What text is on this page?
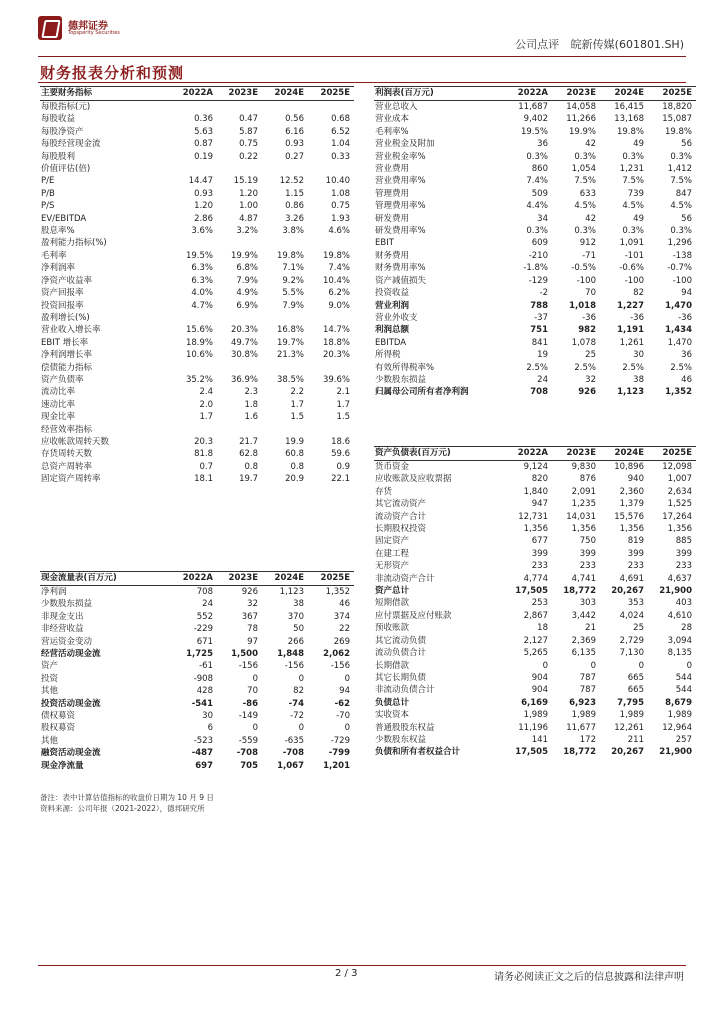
德邦证券
Topsperity Securities
公司点评 皖新传媒(601801.SH)
财务报表分析和预测
主要财务指标	2022A	2023E	2024E	2025E
每股指标(元)				
每股收益	0.36	0.47	0.56	0.68
每股净资产	5.63	5.87	6.16	6.52
每股经营现金流	0.87	0.75	0.93	1.04
每股股利	0.19	0.22	0.27	0.33
价值评估(倍)				
P/E	14.47	15.19	12.52	10.40
P/B	0.93	1.20	1.15	1.08
P/S	1.20	1.00	0.86	0.75
EV/EBITDA	2.86	4.87	3.26	1.93
股息率%	3.6%	3.2%	3.8%	4.6%
盈利能力指标(%)				
毛利率	19.5%	19.9%	19.8%	19.8%
净利润率	6.3%	6.8%	7.1%	7.4%
净资产收益率	6.3%	7.9%	9.2%	10.4%
资产回报率	4.0%	4.9%	5.5%	6.2%
投资回报率	4.7%	6.9%	7.9%	9.0%
盈利增长(%)				
营业收入增长率	15.6%	20.3%	16.8%	14.7%
EBIT 增长率	18.9%	49.7%	19.7%	18.8%
净利润增长率	10.6%	30.8%	21.3%	20.3%
偿债能力指标				
资产负债率	35.2%	36.9%	38.5%	39.6%
流动比率	2.4	2.3	2.2	2.1
速动比率	2.0	1.8	1.7	1.7
现金比率	1.7	1.6	1.5	1.5
经营效率指标				
应收帐款周转天数	20.3	21.7	19.9	18.6
存货周转天数	81.8	62.8	60.8	59.6
总资产周转率	0.7	0.8	0.8	0.9
固定资产周转率	18.1	19.7	20.9	22.1
现金流量表(百万元)	2022A	2023E	2024E	2025E
净利润	708	926	1,123	1,352
少数股东损益	24	32	38	46
非现金支出	552	367	370	374
非经营收益	-229	78	50	22
营运资金变动	671	97	266	269
经营活动现金流	1,725	1,500	1,848	2,062
资产	-61	-156	-156	-156
投资	-908	0	0	0
其他	428	70	82	94
投资活动现金流	-541	-86	-74	-62
债权募资	30	-149	-72	-70
股权募资	6	0	0	0
其他	-523	-559	-635	-729
融资活动现金流	-487	-708	-708	-799
现金净流量	697	705	1,067	1,201
利润表(百万元)	2022A	2023E	2024E	2025E
营业总收入	11,687	14,058	16,415	18,820
营业成本	9,402	11,266	13,168	15,087
毛利率%	19.5%	19.9%	19.8%	19.8%
营业税金及附加	36	42	49	56
营业税金率%	0.3%	0.3%	0.3%	0.3%
营业费用	860	1,054	1,231	1,412
营业费用率%	7.4%	7.5%	7.5%	7.5%
管理费用	509	633	739	847
管理费用率%	4.4%	4.5%	4.5%	4.5%
研发费用	34	42	49	56
研发费用率%	0.3%	0.3%	0.3%	0.3%
EBIT	609	912	1,091	1,296
财务费用	-210	-71	-101	-138
财务费用率%	-1.8%	-0.5%	-0.6%	-0.7%
资产减值损失	-129	-100	-100	-100
投资收益	-2	70	82	94
营业利润	788	1,018	1,227	1,470
营业外收支	-37	-36	-36	-36
利润总额	751	982	1,191	1,434
EBITDA	841	1,078	1,261	1,470
所得税	19	25	30	36
有效所得税率%	2.5%	2.5%	2.5%	2.5%
少数股东损益	24	32	38	46
归属母公司所有者净利润	708	926	1,123	1,352
资产负债表(百万元)	2022A	2023E	2024E	2025E
货币资金	9,124	9,830	10,896	12,098
应收账款及应收票据	820	876	940	1,007
存货	1,840	2,091	2,360	2,634
其它流动资产	947	1,235	1,379	1,525
流动资产合计	12,731	14,031	15,576	17,264
长期股权投资	1,356	1,356	1,356	1,356
固定资产	677	750	819	885
在建工程	399	399	399	399
无形资产	233	233	233	233
非流动资产合计	4,774	4,741	4,691	4,637
资产总计	17,505	18,772	20,267	21,900
短期借款	253	303	353	403
应付票据及应付账款	2,867	3,442	4,024	4,610
预收账款	18	21	25	28
其它流动负债	2,127	2,369	2,729	3,094
流动负债合计	5,265	6,135	7,130	8,135
长期借款	0	0	0	0
其它长期负债	904	787	665	544
非流动负债合计	904	787	665	544
负债总计	6,169	6,923	7,795	8,679
实收资本	1,989	1,989	1,989	1,989
普通股股东权益	11,196	11,677	12,261	12,964
少数股东权益	141	172	211	257
负债和所有者权益合计	17,505	18,772	20,267	21,900
备注：表中计算估值指标的收盘价日期为 10 月 9 日
资料来源：公司年报（2021-2022），德邦研究所
2 / 3	请务必阅读正文之后的信息披露和法律声明
